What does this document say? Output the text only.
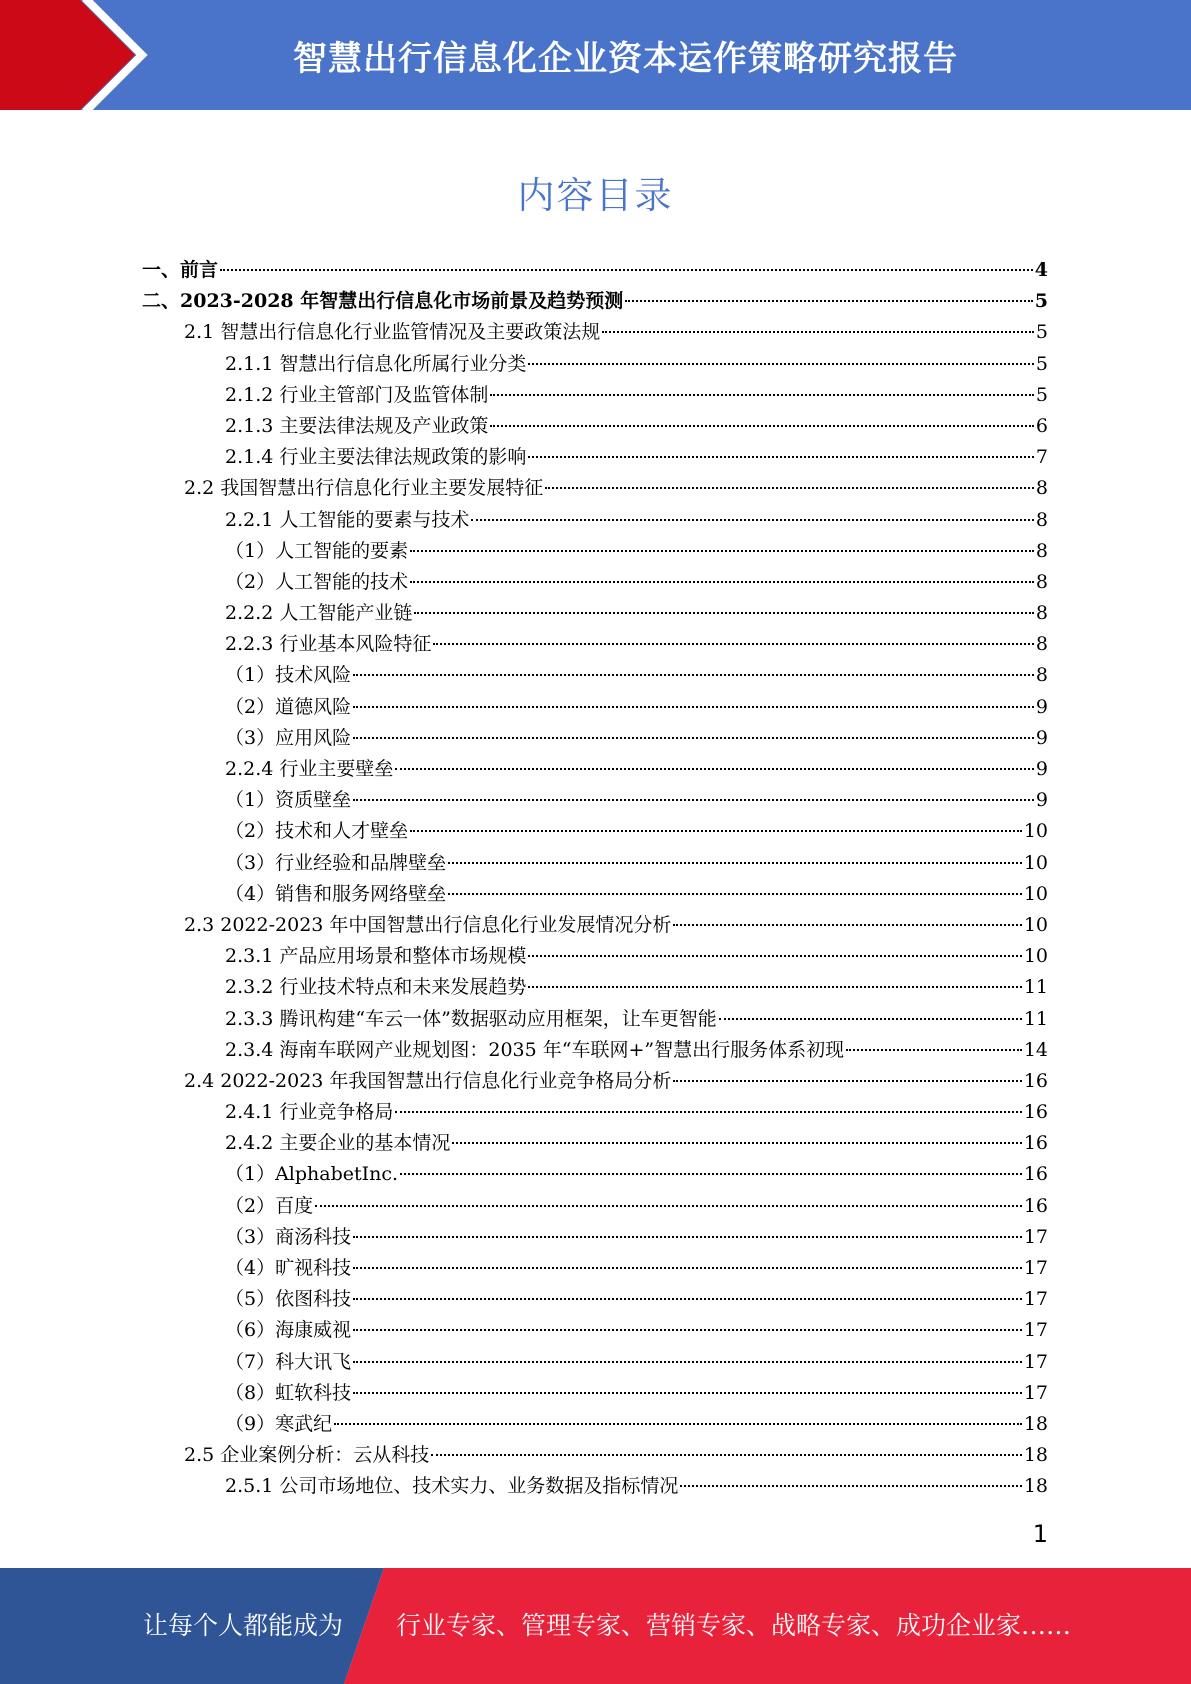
智慧出行信息化企业资本运作策略研究报告
内容目录
一、前言	4
二、2023-2028 年智慧出行信息化市场前景及趋势预测	5
2.1 智慧出行信息化行业监管情况及主要政策法规	5
2.1.1 智慧出行信息化所属行业分类	5
2.1.2 行业主管部门及监管体制	5
2.1.3 主要法律法规及产业政策	6
2.1.4 行业主要法律法规政策的影响	7
2.2 我国智慧出行信息化行业主要发展特征	8
2.2.1 人工智能的要素与技术	8
（1）人工智能的要素	8
（2）人工智能的技术	8
2.2.2 人工智能产业链	8
2.2.3 行业基本风险特征	8
（1）技术风险	8
（2）道德风险	9
（3）应用风险	9
2.2.4 行业主要壁垒	9
（1）资质壁垒	9
（2）技术和人才壁垒	10
（3）行业经验和品牌壁垒	10
（4）销售和服务网络壁垒	10
2.3 2022-2023 年中国智慧出行信息化行业发展情况分析	10
2.3.1 产品应用场景和整体市场规模	10
2.3.2 行业技术特点和未来发展趋势	11
2.3.3 腾讯构建“车云一体”数据驱动应用框架，让车更智能	11
2.3.4 海南车联网产业规划图：2035 年“车联网+”智慧出行服务体系初现	14
2.4 2022-2023 年我国智慧出行信息化行业竞争格局分析	16
2.4.1 行业竞争格局	16
2.4.2 主要企业的基本情况	16
（1）AlphabetInc.	16
（2）百度	16
（3）商汤科技	17
（4）旷视科技	17
（5）依图科技	17
（6）海康威视	17
（7）科大讯飞	17
（8）虹软科技	17
（9）寒武纪	18
2.5 企业案例分析：云从科技	18
2.5.1 公司市场地位、技术实力、业务数据及指标情况	18
1
让每个人都能成为 行业专家、管理专家、营销专家、战略专家、成功企业家……
